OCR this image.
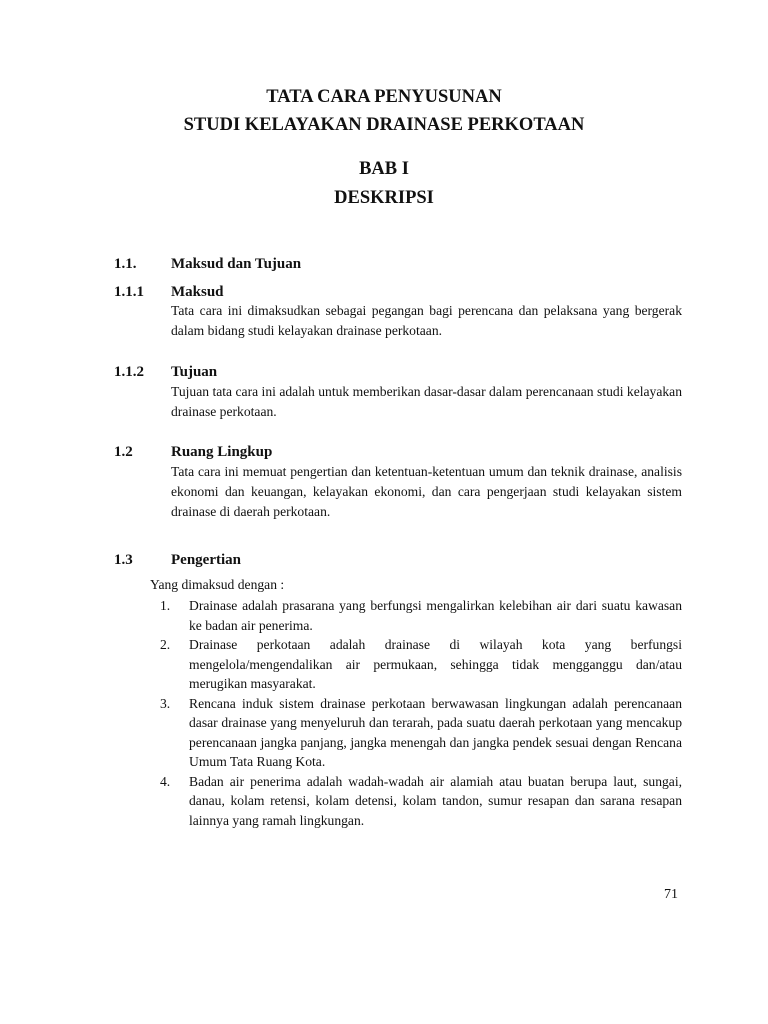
TATA CARA PENYUSUNAN
STUDI KELAYAKAN DRAINASE PERKOTAAN
BAB I
DESKRIPSI
1.1. Maksud dan Tujuan
1.1.1 Maksud

Tata cara ini dimaksudkan sebagai pegangan bagi perencana dan pelaksana yang bergerak dalam bidang studi kelayakan drainase perkotaan.

1.1.2 Tujuan

Tujuan tata cara ini adalah untuk memberikan dasar-dasar dalam perencanaan studi kelayakan drainase perkotaan.

1.2	Ruang Lingkup

Tata cara ini memuat pengertian dan ketentuan-ketentuan umum dan teknik drainase, analisis ekonomi dan keuangan, kelayakan ekonomi, dan cara pengerjaan studi kelayakan sistem drainase di daerah perkotaan.

1.3	Pengertian
Yang dimaksud dengan :
1. Drainase adalah prasarana yang berfungsi mengalirkan kelebihan air dari suatu kawasan ke badan air penerima.
2. Drainase perkotaan adalah drainase di wilayah kota yang berfungsi mengelola/mengendalikan air permukaan, sehingga tidak mengganggu dan/atau merugikan masyarakat.
3. Rencana induk sistem drainase perkotaan berwawasan lingkungan adalah perencanaan dasar drainase yang menyeluruh dan terarah, pada suatu daerah perkotaan yang mencakup perencanaan jangka panjang, jangka menengah dan jangka pendek sesuai dengan Rencana Umum Tata Ruang Kota.
4. Badan air penerima adalah wadah-wadah air alamiah atau buatan berupa laut, sungai, danau, kolam retensi, kolam detensi, kolam tandon, sumur resapan dan sarana resapan lainnya yang ramah lingkungan.
71
